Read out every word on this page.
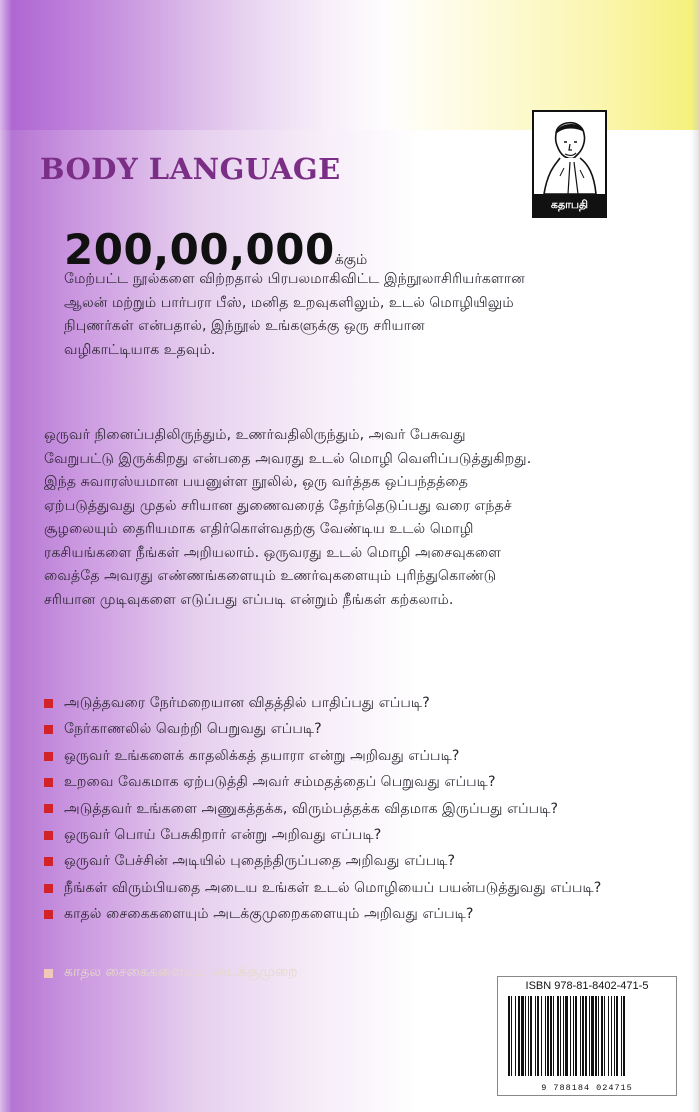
BODY LANGUAGE
கதாபதி
200,00,000க்கும்
மேற்பட்ட நூல்களை விற்றதால் பிரபலமாகிவிட்ட இந்நூலாசிரியர்களான
ஆலன் மற்றும் பார்பரா பீஸ், மனித உறவுகளிலும், உடல் மொழியிலும்
நிபுணர்கள் என்பதால், இந்நூல் உங்களுக்கு ஒரு சரியான
வழிகாட்டியாக உதவும்.
ஒருவர் நினைப்பதிலிருந்தும், உணர்வதிலிருந்தும், அவர் பேசுவது
வேறுபட்டு இருக்கிறது என்பதை அவரது உடல் மொழி வெளிப்படுத்துகிறது.
இந்த சுவாரஸ்யமான பயனுள்ள நூலில், ஒரு வர்த்தக ஒப்பந்தத்தை
ஏற்படுத்துவது முதல் சரியான துணைவரைத் தேர்ந்தெடுப்பது வரை எந்தச்
சூழலையும் தைரியமாக எதிர்கொள்வதற்கு வேண்டிய உடல் மொழி
ரகசியங்களை நீங்கள் அறியலாம். ஒருவரது உடல் மொழி அசைவுகளை
வைத்தே அவரது எண்ணங்களையும் உணர்வுகளையும் புரிந்துகொண்டு
சரியான முடிவுகளை எடுப்பது எப்படி என்றும் நீங்கள் கற்கலாம்.
அடுத்தவரை நேர்மறையான விதத்தில் பாதிப்பது எப்படி?
நேர்காணலில் வெற்றி பெறுவது எப்படி?
ஒருவர் உங்களைக் காதலிக்கத் தயாரா என்று அறிவது எப்படி?
உறவை வேகமாக ஏற்படுத்தி அவர் சம்மதத்தைப் பெறுவது எப்படி?
அடுத்தவர் உங்களை அணுகத்தக்க, விரும்பத்தக்க விதமாக இருப்பது எப்படி?
ஒருவர் பொய் பேசுகிறார் என்று அறிவது எப்படி?
ஒருவர் பேச்சின் அடியில் புதைந்திருப்பதை அறிவது எப்படி?
நீங்கள் விரும்பியதை அடைய உங்கள் உடல் மொழியைப் பயன்படுத்துவது எப்படி?
காதல் சைகைகளையும் அடக்குமுறைகளையும் அறிவது எப்படி?
காதல சைகைகளையும் அடக்குமுறை
ISBN 978-81-8402-471-5
9 788184 024715
